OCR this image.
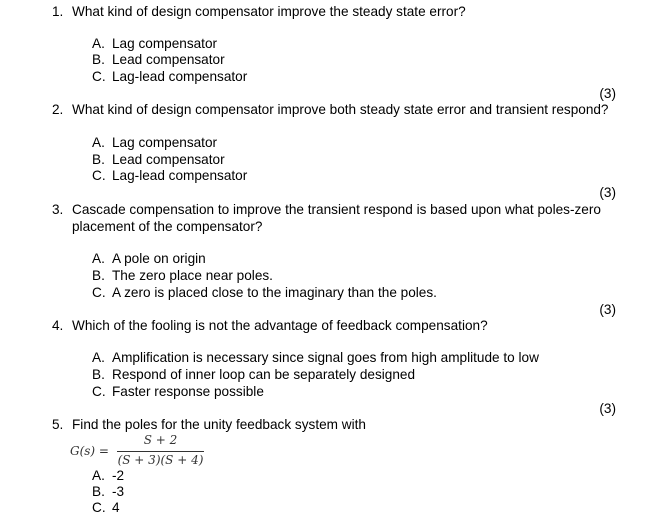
1. What kind of design compensator improve the steady state error?
A. Lag compensator
B. Lead compensator
C. Lag-lead compensator
(3)
2. What kind of design compensator improve both steady state error and transient respond?
A. Lag compensator
B. Lead compensator
C. Lag-lead compensator
(3)
3. Cascade compensation to improve the transient respond is based upon what poles-zero
placement of the compensator?
A. A pole on origin
B. The zero place near poles.
C. A zero is placed close to the imaginary than the poles.
(3)
4. Which of the fooling is not the advantage of feedback compensation?
A. Amplification is necessary since signal goes from high amplitude to low
B. Respond of inner loop can be separately designed
C. Faster response possible
(3)
5. Find the poles for the unity feedback system with
G(s) =
S + 2
(S + 3)(S + 4)
A. -2
B. -3
C. 4
